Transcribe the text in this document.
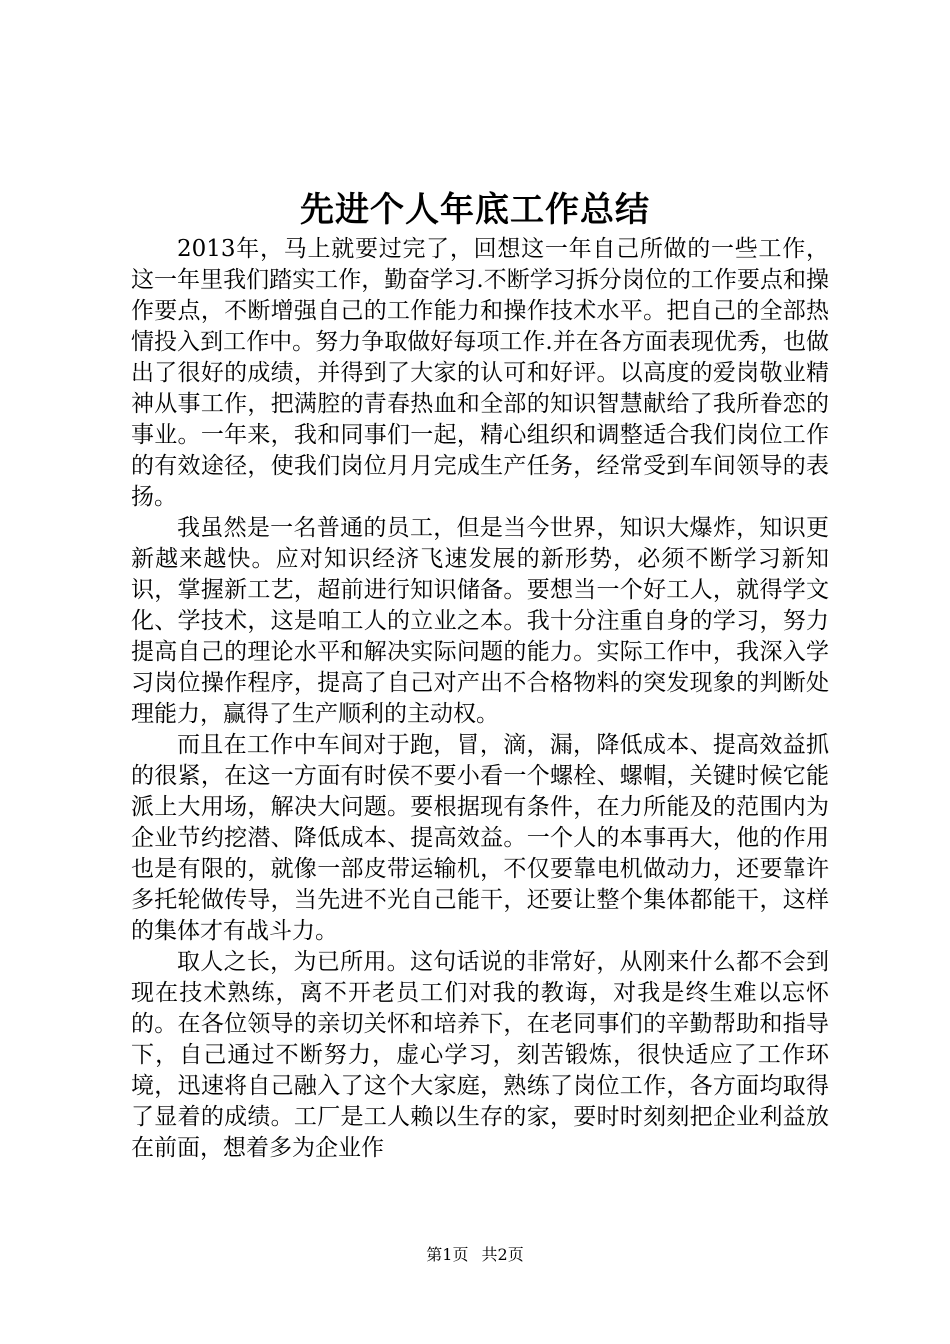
先进个人年底工作总结

2013年，马上就要过完了，回想这一年自己所做的一些工作，这一年里我们踏实工作，勤奋学习.不断学习拆分岗位的工作要点和操作要点，不断增强自己的工作能力和操作技术水平。把自己的全部热情投入到工作中。努力争取做好每项工作.并在各方面表现优秀，也做出了很好的成绩，并得到了大家的认可和好评。以高度的爱岗敬业精神从事工作，把满腔的青春热血和全部的知识智慧献给了我所眷恋的事业。一年来，我和同事们一起，精心组织和调整适合我们岗位工作的有效途径，使我们岗位月月完成生产任务，经常受到车间领导的表扬。

我虽然是一名普通的员工，但是当今世界，知识大爆炸，知识更新越来越快。应对知识经济飞速发展的新形势，必须不断学习新知识，掌握新工艺，超前进行知识储备。要想当一个好工人，就得学文化、学技术，这是咱工人的立业之本。我十分注重自身的学习，努力提高自己的理论水平和解决实际问题的能力。实际工作中，我深入学习岗位操作程序，提高了自己对产出不合格物料的突发现象的判断处理能力，赢得了生产顺利的主动权。

而且在工作中车间对于跑，冒，滴，漏，降低成本、提高效益抓的很紧，在这一方面有时侯不要小看一个螺栓、螺帽，关键时候它能派上大用场，解决大问题。要根据现有条件，在力所能及的范围内为企业节约挖潜、降低成本、提高效益。一个人的本事再大，他的作用也是有限的，就像一部皮带运输机，不仅要靠电机做动力，还要靠许多托轮做传导，当先进不光自己能干，还要让整个集体都能干，这样的集体才有战斗力。

取人之长，为已所用。这句话说的非常好，从刚来什么都不会到现在技术熟练，离不开老员工们对我的教诲，对我是终生难以忘怀的。在各位领导的亲切关怀和培养下，在老同事们的辛勤帮助和指导下，自己通过不断努力，虚心学习，刻苦锻炼，很快适应了工作环境，迅速将自己融入了这个大家庭，熟练了岗位工作，各方面均取得了显着的成绩。工厂是工人赖以生存的家，要时时刻刻把企业利益放在前面，想着多为企业作

第1页 共2页
